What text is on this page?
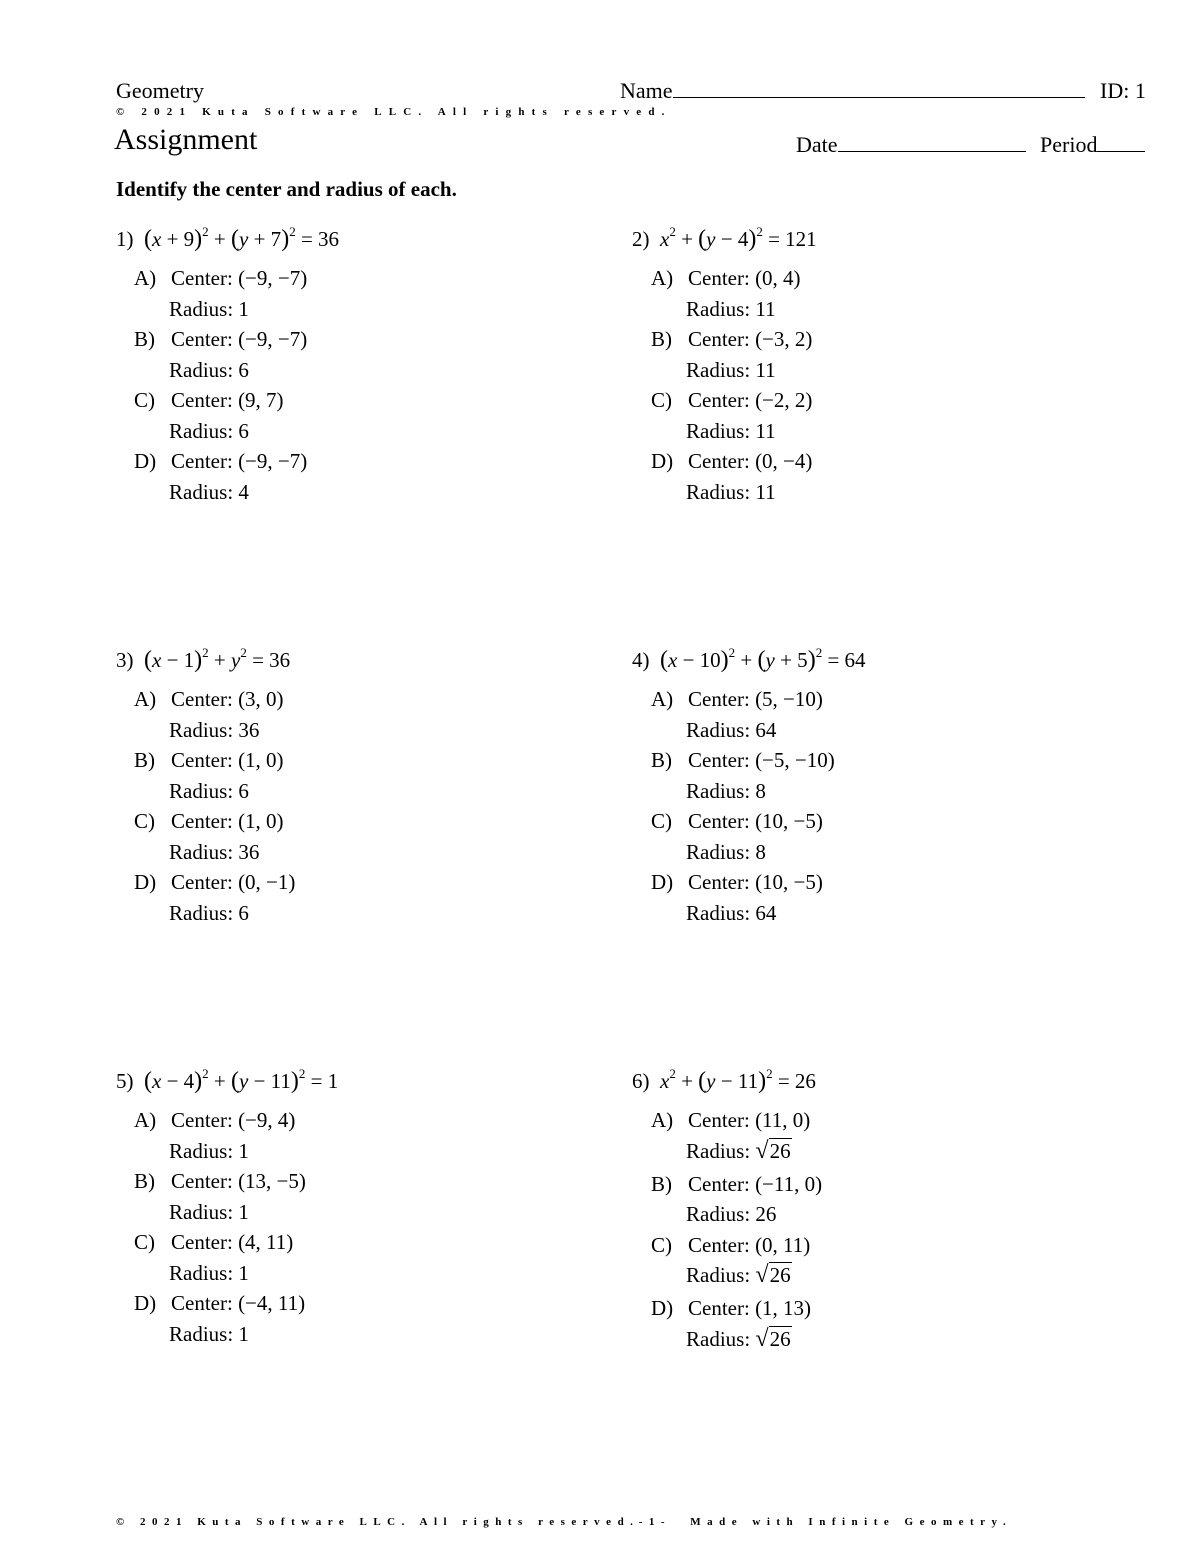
Geometry	Name	ID: 1
© 2021 Kuta Software LLC. All rights reserved.
Assignment	Date	Period
Identify the center and radius of each.
1) $(x + 9)^2 + (y + 7)^2 = 36$
A) Center: (−9, −7)
Radius: 1
B) Center: (−9, −7)
Radius: 6
C) Center: (9, 7)
Radius: 6
D) Center: (−9, −7)
Radius: 4
2) $x^2 + (y - 4)^2 = 121$
A) Center: (0, 4)
Radius: 11
B) Center: (−3, 2)
Radius: 11
C) Center: (−2, 2)
Radius: 11
D) Center: (0, −4)
Radius: 11
3) $(x - 1)^2 + y^2 = 36$
A) Center: (3, 0)
Radius: 36
B) Center: (1, 0)
Radius: 6
C) Center: (1, 0)
Radius: 36
D) Center: (0, −1)
Radius: 6
4) $(x - 10)^2 + (y + 5)^2 = 64$
A) Center: (5, −10)
Radius: 64
B) Center: (−5, −10)
Radius: 8
C) Center: (10, −5)
Radius: 8
D) Center: (10, −5)
Radius: 64
5) $(x - 4)^2 + (y - 11)^2 = 1$
A) Center: (−9, 4)
Radius: 1
B) Center: (13, −5)
Radius: 1
C) Center: (4, 11)
Radius: 1
D) Center: (−4, 11)
Radius: 1
6) $x^2 + (y - 11)^2 = 26$
A) Center: (11, 0)
Radius: √26
B) Center: (−11, 0)
Radius: 26
C) Center: (0, 11)
Radius: √26
D) Center: (1, 13)
Radius: √26
© 2021 Kuta Software LLC. All rights reserved. -1- Made with Infinite Geometry.
